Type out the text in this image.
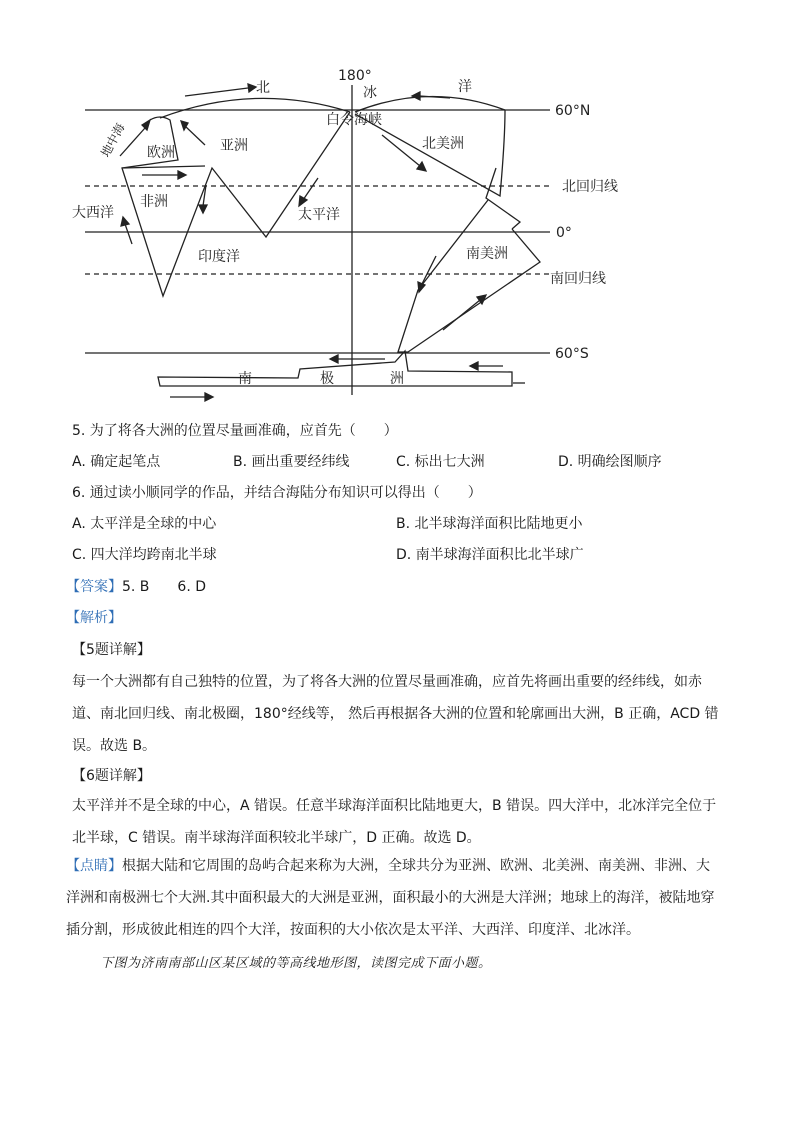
180°
60°N
北回归线
0°
南回归线
60°S
北	冰	洋
白令海峡
欧洲	亚洲	北美洲
非洲
太平洋
大西洋
印度洋	南美洲
南	极	洲
地中海
5. 为了将各大洲的位置尽量画准确，应首先（　　）
A. 确定起笔点	B. 画出重要经纬线	C. 标出七大洲	D. 明确绘图顺序
6. 通过读小顺同学的作品，并结合海陆分布知识可以得出（　　）
A. 太平洋是全球的中心	B. 北半球海洋面积比陆地更小
C. 四大洋均跨南北半球	D. 南半球海洋面积比北半球广
【答案】5. B　　6. D
【解析】
【5题详解】
每一个大洲都有自己独特的位置，为了将各大洲的位置尽量画准确，应首先将画出重要的经纬线，如赤道、南北回归线、南北极圈，180°经线等， 然后再根据各大洲的位置和轮廓画出大洲，B 正确，ACD 错误。故选 B。
【6题详解】
太平洋并不是全球的中心，A 错误。任意半球海洋面积比陆地更大，B 错误。四大洋中，北冰洋完全位于北半球，C 错误。南半球海洋面积较北半球广，D 正确。故选 D。
【点睛】根据大陆和它周围的岛屿合起来称为大洲，全球共分为亚洲、欧洲、北美洲、南美洲、非洲、大洋洲和南极洲七个大洲.其中面积最大的大洲是亚洲，面积最小的大洲是大洋洲；地球上的海洋，被陆地穿插分割，形成彼此相连的四个大洋，按面积的大小依次是太平洋、大西洋、印度洋、北冰洋。
下图为济南南部山区某区域的等高线地形图，读图完成下面小题。
